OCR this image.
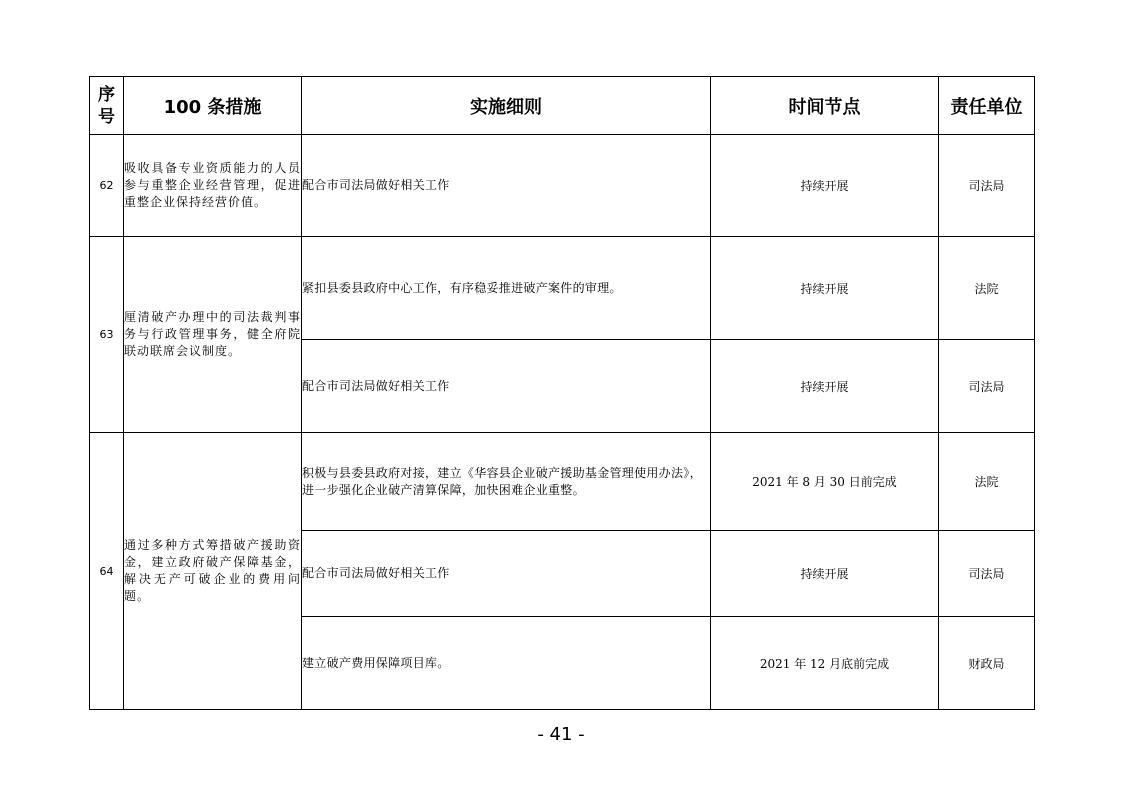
序号	100 条措施	实施细则	时间节点	责任单位
62	吸收具备专业资质能力的人员参与重整企业经营管理，促进重整企业保持经营价值。	配合市司法局做好相关工作	持续开展	司法局
63	厘清破产办理中的司法裁判事务与行政管理事务，健全府院联动联席会议制度。	紧扣县委县政府中心工作，有序稳妥推进破产案件的审理。	持续开展	法院
		配合市司法局做好相关工作	持续开展	司法局
64	通过多种方式筹措破产援助资金，建立政府破产保障基金，解决无产可破企业的费用问题。	积极与县委县政府对接，建立《华容县企业破产援助基金管理使用办法》，进一步强化企业破产清算保障，加快困难企业重整。	2021 年 8 月 30 日前完成	法院
		配合市司法局做好相关工作	持续开展	司法局
		建立破产费用保障项目库。	2021 年 12 月底前完成	财政局
- 41 -
